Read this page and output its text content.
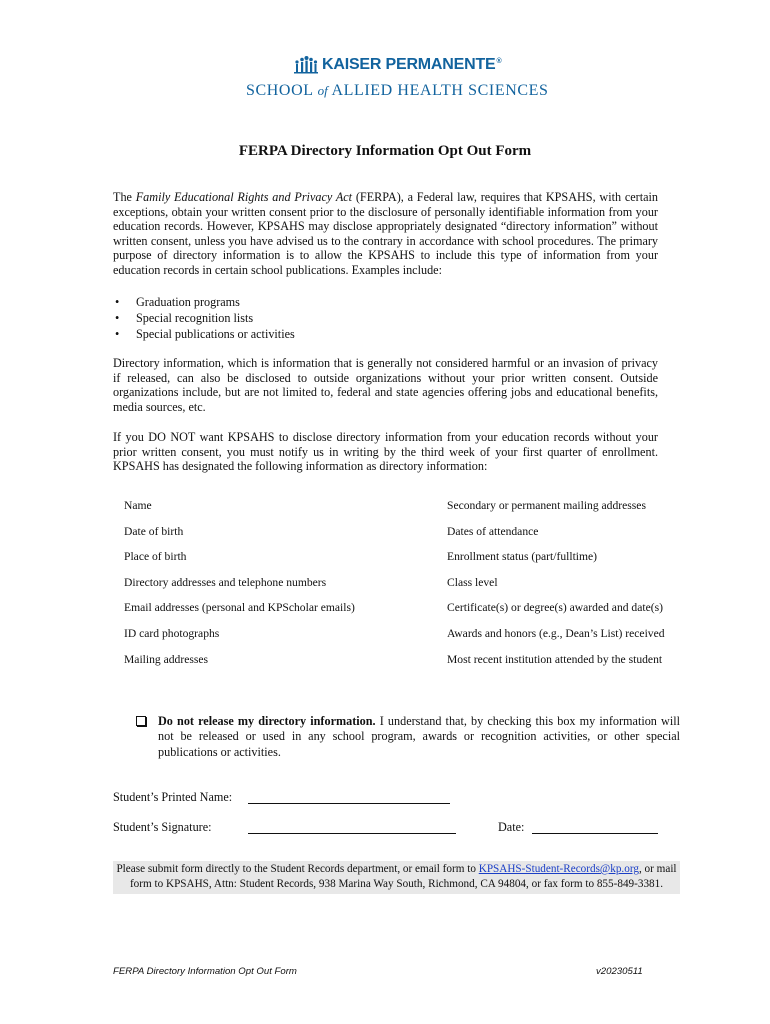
KAISER PERMANENTE®
SCHOOL of ALLIED HEALTH SCIENCES
FERPA Directory Information Opt Out Form

The Family Educational Rights and Privacy Act (FERPA), a Federal law, requires that KPSAHS, with certain exceptions, obtain your written consent prior to the disclosure of personally identifiable information from your education records. However, KPSAHS may disclose appropriately designated “directory information” without written consent, unless you have advised us to the contrary in accordance with school procedures. The primary purpose of directory information is to allow the KPSAHS to include this type of information from your education records in certain school publications. Examples include:

• Graduation programs
• Special recognition lists
• Special publications or activities

Directory information, which is information that is generally not considered harmful or an invasion of privacy if released, can also be disclosed to outside organizations without your prior written consent. Outside organizations include, but are not limited to, federal and state agencies offering jobs and educational benefits, media sources, etc.

If you DO NOT want KPSAHS to disclose directory information from your education records without your prior written consent, you must notify us in writing by the third week of your first quarter of enrollment. KPSAHS has designated the following information as directory information:

Name	Secondary or permanent mailing addresses
Date of birth	Dates of attendance
Place of birth	Enrollment status (part/fulltime)
Directory addresses and telephone numbers	Class level
Email addresses (personal and KPScholar emails)	Certificate(s) or degree(s) awarded and date(s)
ID card photographs	Awards and honors (e.g., Dean’s List) received
Mailing addresses	Most recent institution attended by the student

Do not release my directory information. I understand that, by checking this box my information will not be released or used in any school program, awards or recognition activities, or other special publications or activities.

Student’s Printed Name:
Student’s Signature:	Date:
Please submit form directly to the Student Records department, or email form to KPSAHS-Student-Records@kp.org, or mail form to KPSAHS, Attn: Student Records, 938 Marina Way South, Richmond, CA 94804, or fax form to 855-849-3381.
FERPA Directory Information Opt Out Form	v20230511
